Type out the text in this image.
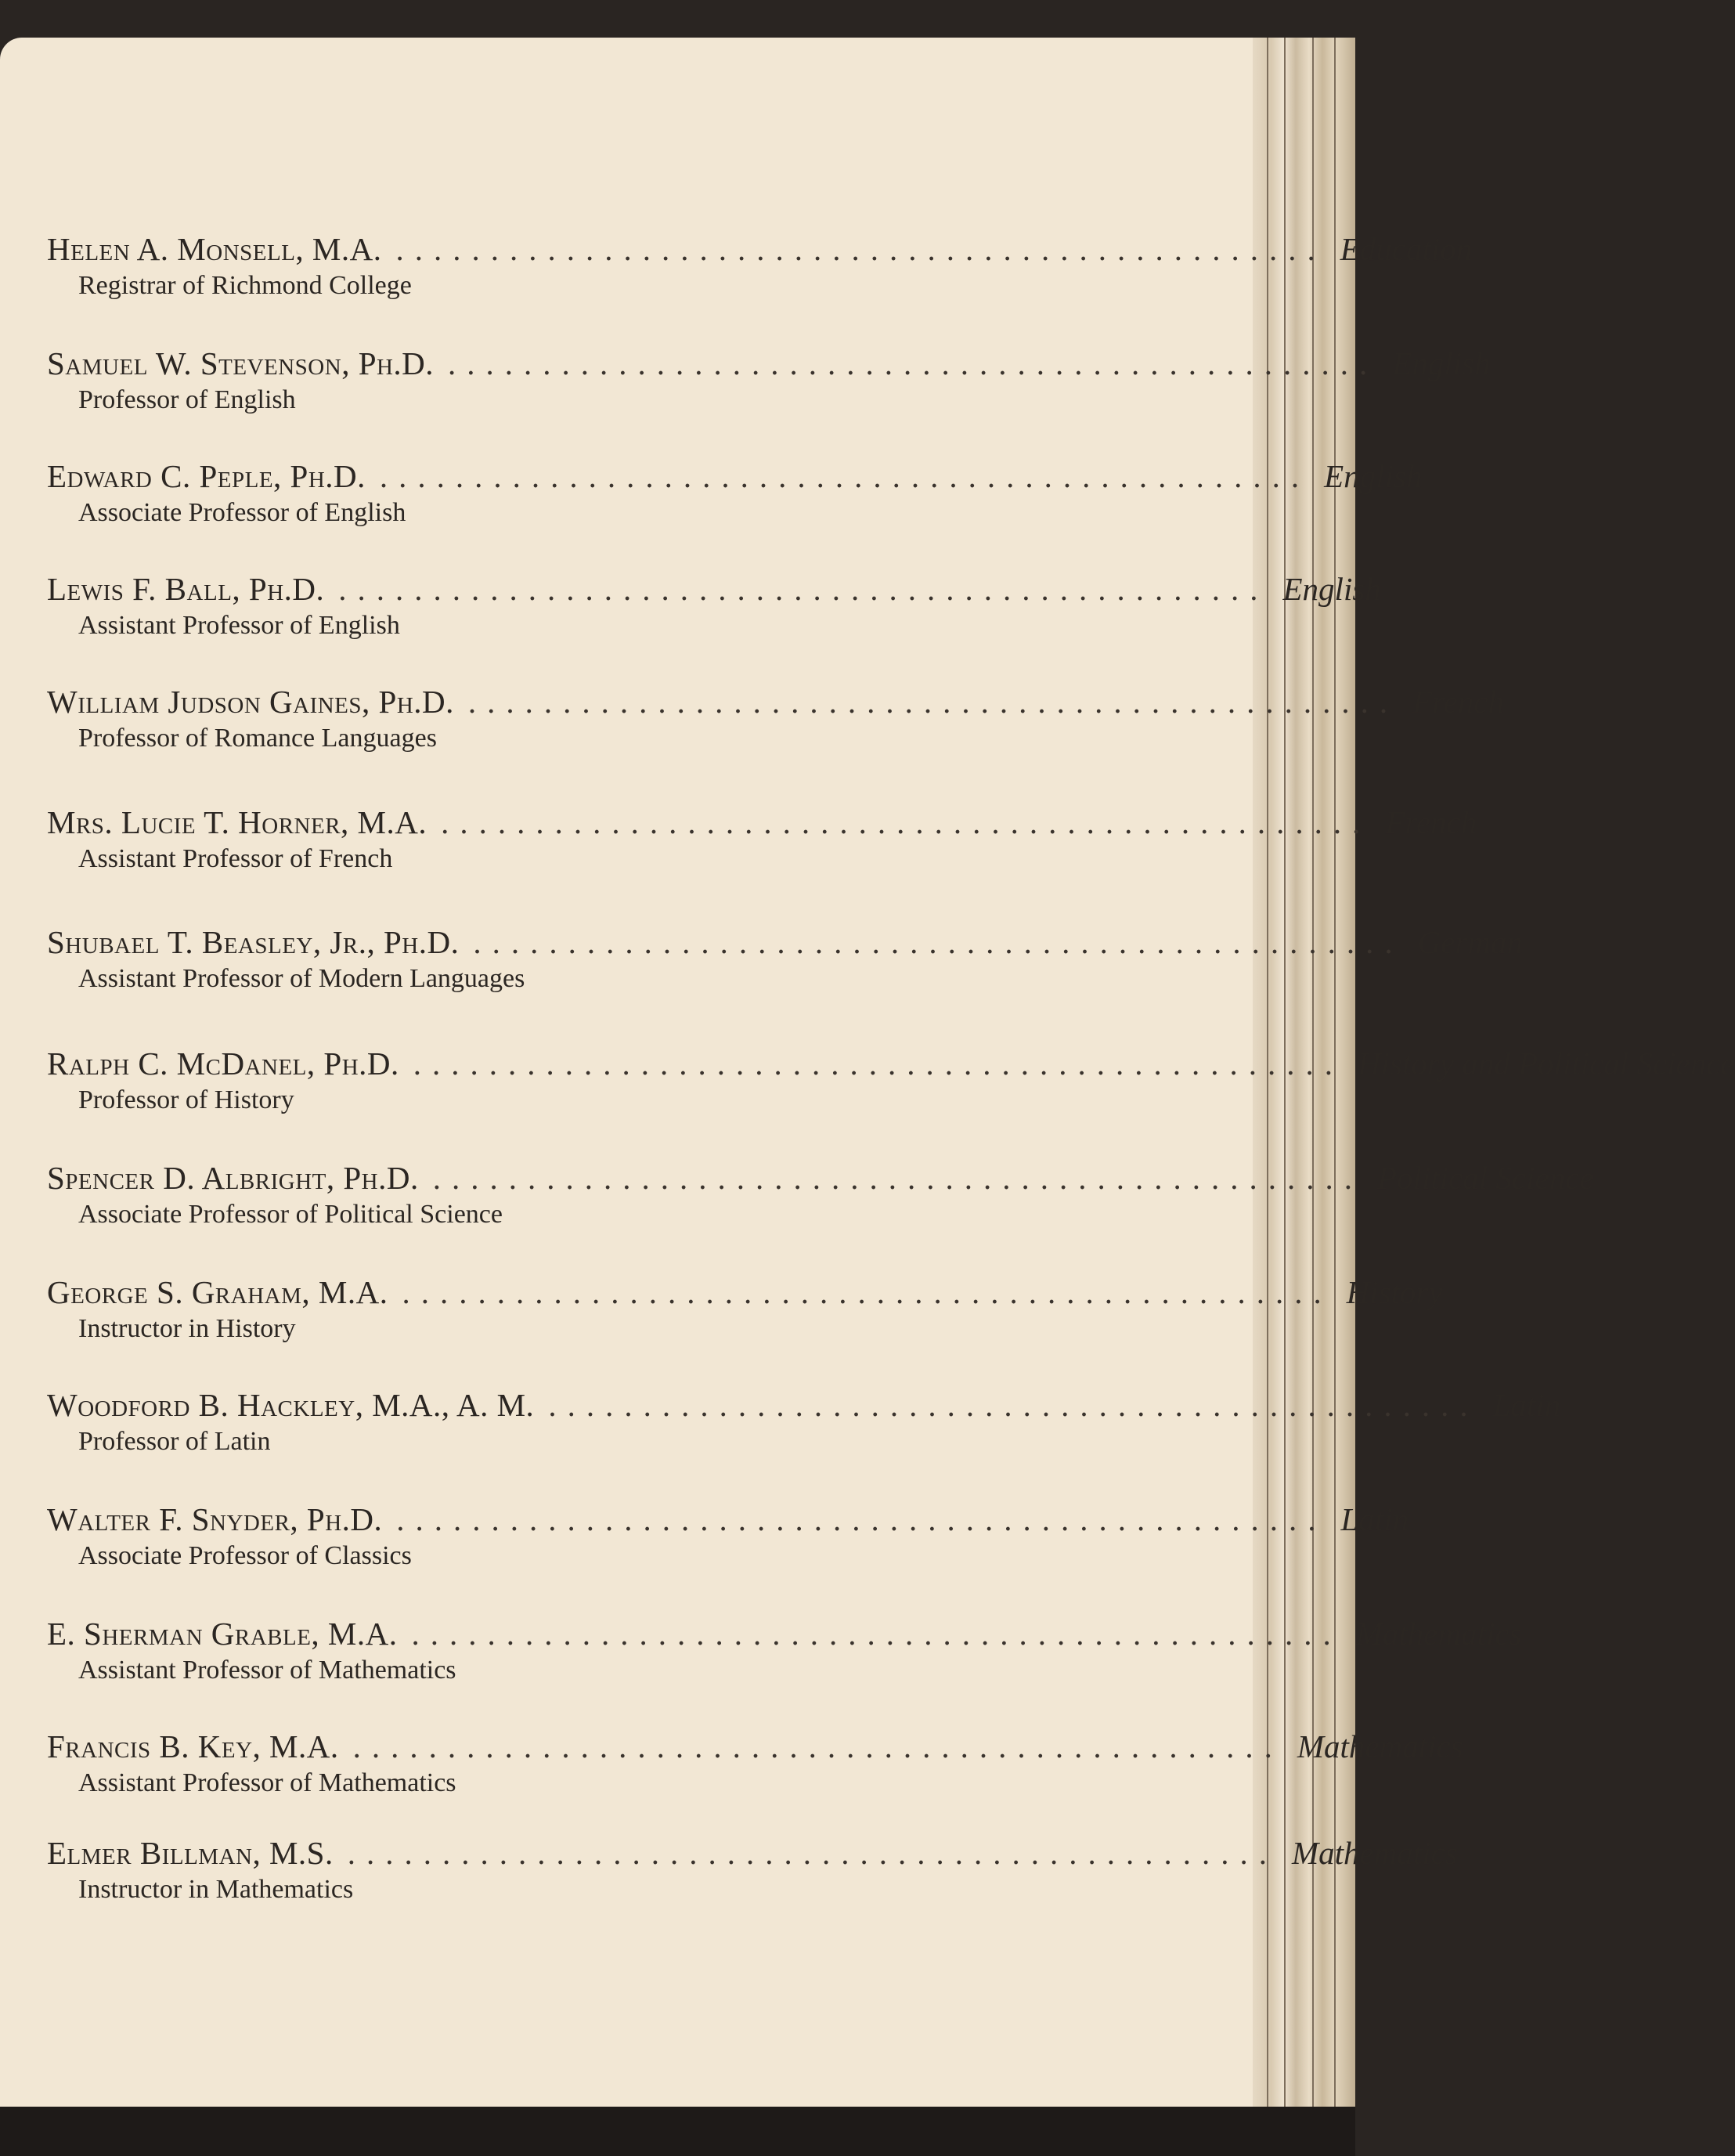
Helen A. Monsell, M.A. ................................................. Education
Registrar of Richmond College
Samuel W. Stevenson, Ph.D. ................................................. English
Professor of English
Edward C. Peple, Ph.D. ................................................. English
Associate Professor of English
Lewis F. Ball, Ph.D. ................................................. English
Assistant Professor of English
William Judson Gaines, Ph.D. ................................................. French
Professor of Romance Languages
Mrs. Lucie T. Horner, M.A. ................................................. French
Assistant Professor of French
Shubael T. Beasley, Jr., Ph.D. ................................................. German
Assistant Professor of Modern Languages
Ralph C. McDanel, Ph.D. ................................................. History and Political Science
Professor of History
Spencer D. Albright, Ph.D. ................................................. Political Science
Associate Professor of Political Science
George S. Graham, M.A. ................................................. History
Instructor in History
Woodford B. Hackley, M.A., A. M. ................................................. Latin
Professor of Latin
Walter F. Snyder, Ph.D. ................................................. Latin
Associate Professor of Classics
E. Sherman Grable, M.A. ................................................. Mathematics
Assistant Professor of Mathematics
Francis B. Key, M.A. ................................................. Mathematics
Assistant Professor of Mathematics
Elmer Billman, M.S. ................................................. Mathematics
Instructor in Mathematics
